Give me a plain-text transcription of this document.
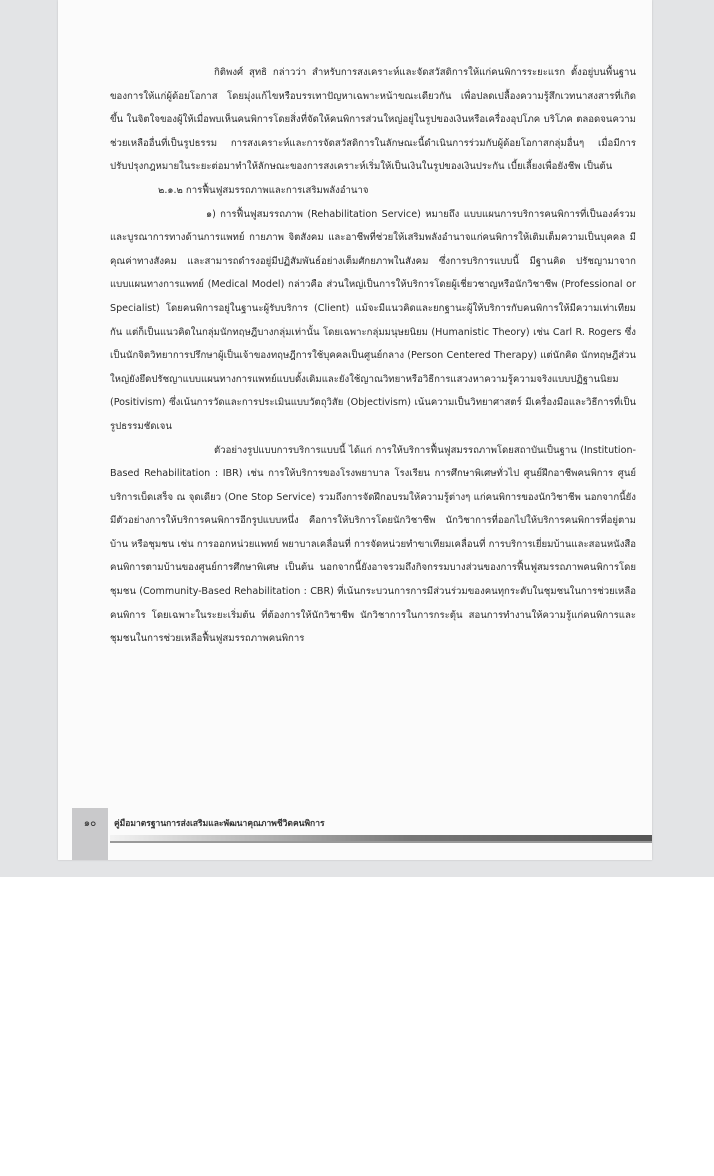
กิติพงศ์ สุทธิ กล่าวว่า สำหรับการสงเคราะห์และจัดสวัสดิการให้แก่คนพิการระยะแรก ตั้งอยู่บนพื้นฐานของการให้แก่ผู้ด้อยโอกาส โดยมุ่งแก้ไขหรือบรรเทาปัญหาเฉพาะหน้าขณะเดียวกัน เพื่อปลดเปลื้องความรู้สึกเวทนาสงสารที่เกิดขึ้น ในจิตใจของผู้ให้เมื่อพบเห็นคนพิการโดยสิ่งที่จัดให้คนพิการส่วนใหญ่อยู่ในรูปของเงินหรือเครื่องอุปโภค บริโภค ตลอดจนความช่วยเหลืออื่นที่เป็นรูปธรรม การสงเคราะห์และการจัดสวัสดิการในลักษณะนี้ดำเนินการร่วมกับผู้ด้อยโอกาสกลุ่มอื่นๆ เมื่อมีการปรับปรุงกฎหมายในระยะต่อมาทำให้ลักษณะของการสงเคราะห์เริ่มให้เป็นเงินในรูปของเงินประกัน เบี้ยเลี้ยงเพื่อยังชีพ เป็นต้น

๒.๑.๒ การฟื้นฟูสมรรถภาพและการเสริมพลังอำนาจ

๑) การฟื้นฟูสมรรถภาพ (Rehabilitation Service) หมายถึง แบบแผนการบริการคนพิการที่เป็นองค์รวมและบูรณาการทางด้านการแพทย์ กายภาพ จิตสังคม และอาชีพที่ช่วยให้เสริมพลังอำนาจแก่คนพิการให้เติมเต็มความเป็นบุคคล มีคุณค่าทางสังคม และสามารถดำรงอยู่มีปฏิสัมพันธ์อย่างเต็มศักยภาพในสังคม ซึ่งการบริการแบบนี้ มีฐานคิด ปรัชญามาจากแบบแผนทางการแพทย์ (Medical Model) กล่าวคือ ส่วนใหญ่เป็นการให้บริการโดยผู้เชี่ยวชาญหรือนักวิชาชีพ (Professional or Specialist) โดยคนพิการอยู่ในฐานะผู้รับบริการ (Client) แม้จะมีแนวคิดและยกฐานะผู้ให้บริการกับคนพิการให้มีความเท่าเทียมกัน แต่ก็เป็นแนวคิดในกลุ่มนักทฤษฎีบางกลุ่มเท่านั้น โดยเฉพาะกลุ่มมนุษยนิยม (Humanistic Theory) เช่น Carl R. Rogers ซึ่งเป็นนักจิตวิทยาการปรึกษาผู้เป็นเจ้าของทฤษฎีการใช้บุคคลเป็นศูนย์กลาง (Person Centered Therapy) แต่นักคิด นักทฤษฎีส่วนใหญ่ยังยึดปรัชญาแบบแผนทางการแพทย์แบบดั้งเดิมและยังใช้ญาณวิทยาหรือวิธีการแสวงหาความรู้ความจริงแบบปฏิฐานนิยม (Positivism) ซึ่งเน้นการวัดและการประเมินแบบวัตถุวิสัย (Objectivism) เน้นความเป็นวิทยาศาสตร์ มีเครื่องมือและวิธีการที่เป็นรูปธรรมชัดเจน

ตัวอย่างรูปแบบการบริการแบบนี้ ได้แก่ การให้บริการฟื้นฟูสมรรถภาพโดยสถาบันเป็นฐาน (Institution-Based Rehabilitation : IBR) เช่น การให้บริการของโรงพยาบาล โรงเรียน การศึกษาพิเศษทั่วไป ศูนย์ฝึกอาชีพคนพิการ ศูนย์บริการเบ็ดเสร็จ ณ จุดเดียว (One Stop Service) รวมถึงการจัดฝึกอบรมให้ความรู้ต่างๆ แก่คนพิการของนักวิชาชีพ นอกจากนี้ยังมีตัวอย่างการให้บริการคนพิการอีกรูปแบบหนึ่ง คือการให้บริการโดยนักวิชาชีพ นักวิชาการที่ออกไปให้บริการคนพิการที่อยู่ตามบ้าน หรือชุมชน เช่น การออกหน่วยแพทย์ พยาบาลเคลื่อนที่ การจัดหน่วยทำขาเทียมเคลื่อนที่ การบริการเยี่ยมบ้านและสอนหนังสือคนพิการตามบ้านของศูนย์การศึกษาพิเศษ เป็นต้น นอกจากนี้ยังอาจรวมถึงกิจกรรมบางส่วนของการฟื้นฟูสมรรถภาพคนพิการโดยชุมชน (Community-Based Rehabilitation : CBR) ที่เน้นกระบวนการการมีส่วนร่วมของคนทุกระดับในชุมชนในการช่วยเหลือคนพิการ โดยเฉพาะในระยะเริ่มต้น ที่ต้องการให้นักวิชาชีพ นักวิชาการในการกระตุ้น สอนการทำงานให้ความรู้แก่คนพิการและชุมชนในการช่วยเหลือฟื้นฟูสมรรถภาพคนพิการ

๑๐	คู่มือมาตรฐานการส่งเสริมและพัฒนาคุณภาพชีวิตคนพิการ
